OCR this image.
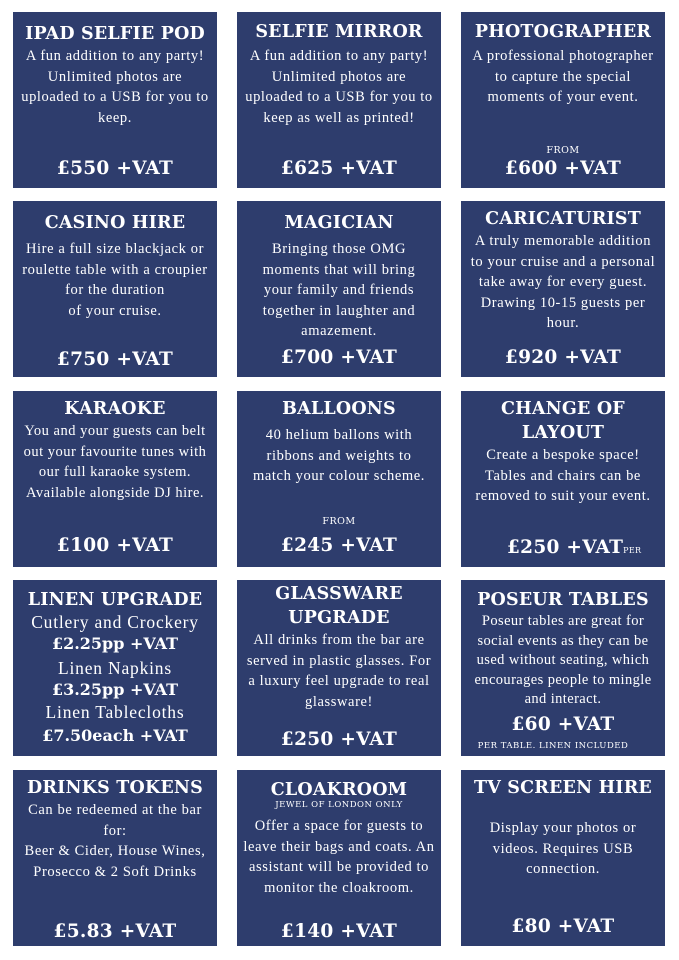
IPAD SELFIE POD
A fun addition to any party!
Unlimited photos are uploaded to a USB for you to keep.
£550 +VAT
SELFIE MIRROR
A fun addition to any party! Unlimited photos are uploaded to a USB for you to keep as well as printed!
£625 +VAT
PHOTOGRAPHER
A professional photographer to capture the special moments of your event.
FROM
£600 +VAT
CASINO HIRE
Hire a full size blackjack or roulette table with a croupier for the duration
of your cruise.
£750 +VAT
MAGICIAN
Bringing those OMG moments that will bring your family and friends together in laughter and amazement.
£700 +VAT
CARICATURIST
A truly memorable addition to your cruise and a personal take away for every guest. Drawing 10-15 guests per hour.
£920 +VAT
KARAOKE
You and your guests can belt out your favourite tunes with our full karaoke system. Available alongside DJ hire.
£100 +VAT
BALLOONS
40 helium ballons with ribbons and weights to match your colour scheme.
FROM
£245 +VAT
CHANGE OF LAYOUT
Create a bespoke space! Tables and chairs can be removed to suit your event.
£250 +VATPER DECK
LINEN UPGRADE
Cutlery and Crockery
£2.25pp +VAT
Linen Napkins
£3.25pp +VAT
Linen Tablecloths
£7.50each +VAT
GLASSWARE UPGRADE
All drinks from the bar are served in plastic glasses. For a luxury feel upgrade to real glassware!
£250 +VAT
POSEUR TABLES
Poseur tables are great for social events as they can be used without seating, which encourages people to mingle and interact.
£60 +VAT
PER TABLE. LINEN INCLUDED
DRINKS TOKENS
Can be redeemed at the bar for:
Beer & Cider, House Wines, Prosecco & 2 Soft Drinks
£5.83 +VAT
CLOAKROOM
JEWEL OF LONDON ONLY
Offer a space for guests to leave their bags and coats. An assistant will be provided to monitor the cloakroom.
£140 +VAT
TV SCREEN HIRE
Display your photos or videos. Requires USB connection.
£80 +VAT
